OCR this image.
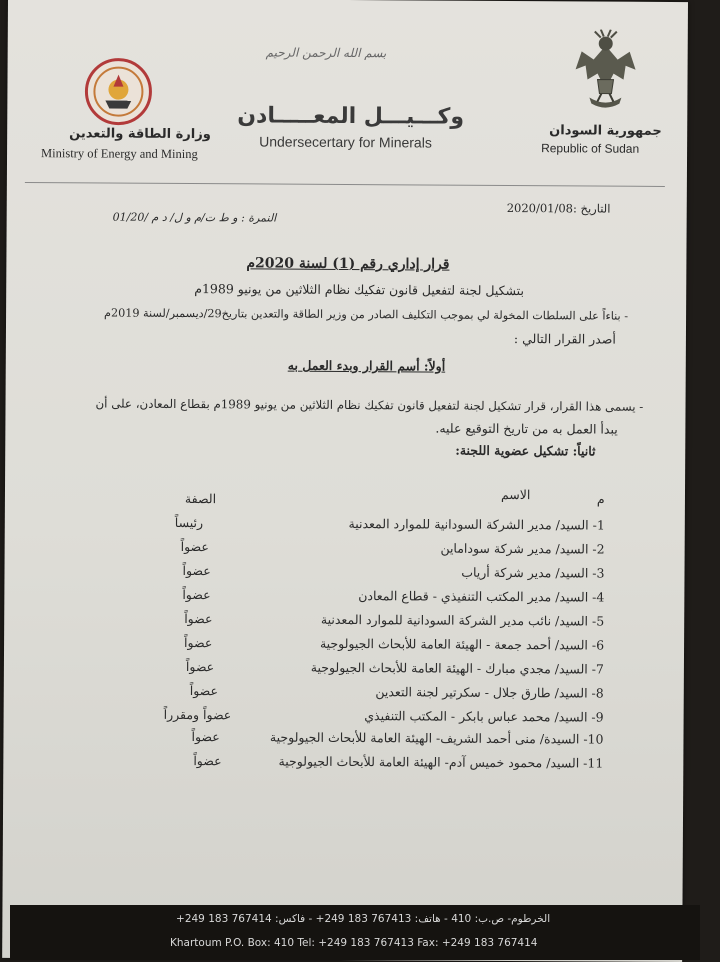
جمهورية السودان
Republic of Sudan
وزارة الطاقة والتعدين
Ministry of Energy and Mining
بسم الله الرحمن الرحيم
وكـــيـــل المعـــــادن
Undersecertary for Minerals
التاريخ :2020/01/08
النمرة : و ط ت/م و ل/ د م /01/20
قرار إداري رقم (1) لسنة 2020م
بتشكيل لجنة لتفعيل قانون تفكيك نظام الثلاثين من يونيو 1989م
- بناءاً على السلطات المخولة لي بموجب التكليف الصادر من وزير الطاقة والتعدين بتاريخ29/ديسمبر/لسنة 2019م
أصدر القرار التالي :
أولاً: أسم القرار وبدء العمل به
- يسمى هذا القرار، قرار تشكيل لجنة لتفعيل قانون تفكيك نظام الثلاثين من يونيو 1989م بقطاع المعادن، على أن
يبدأ العمل به من تاريخ التوقيع عليه.
ثانياً: تشكيل عضوية اللجنة:
م
الاسم
الصفة
1- السيد/ مدير الشركة السودانية للموارد المعدنية
رئيساً
2- السيد/ مدير شركة سوداماين
عضواً
3- السيد/ مدير شركة أرياب
عضواً
4- السيد/ مدير المكتب التنفيذي - قطاع المعادن
عضواً
5- السيد/ نائب مدير الشركة السودانية للموارد المعدنية
عضواً
6- السيد/ أحمد جمعة - الهيئة العامة للأبحاث الجيولوجية
عضواً
7- السيد/ مجدي مبارك - الهيئة العامة للأبحاث الجيولوجية
عضواً
8- السيد/ طارق جلال - سكرتير لجنة التعدين
عضواً
9- السيد/ محمد عباس بابكر - المكتب التنفيذي
عضواً ومقرراً
10- السيدة/ منى أحمد الشريف- الهيئة العامة للأبحاث الجيولوجية
عضواً
11- السيد/ محمود خميس آدم- الهيئة العامة للأبحاث الجيولوجية
عضواً
الخرطوم- ص.ب: 410 - هاتف: 767413 183 249+ - فاكس: 767414 183 249+
Khartoum P.O. Box: 410 Tel: +249 183 767413 Fax: +249 183 767414
